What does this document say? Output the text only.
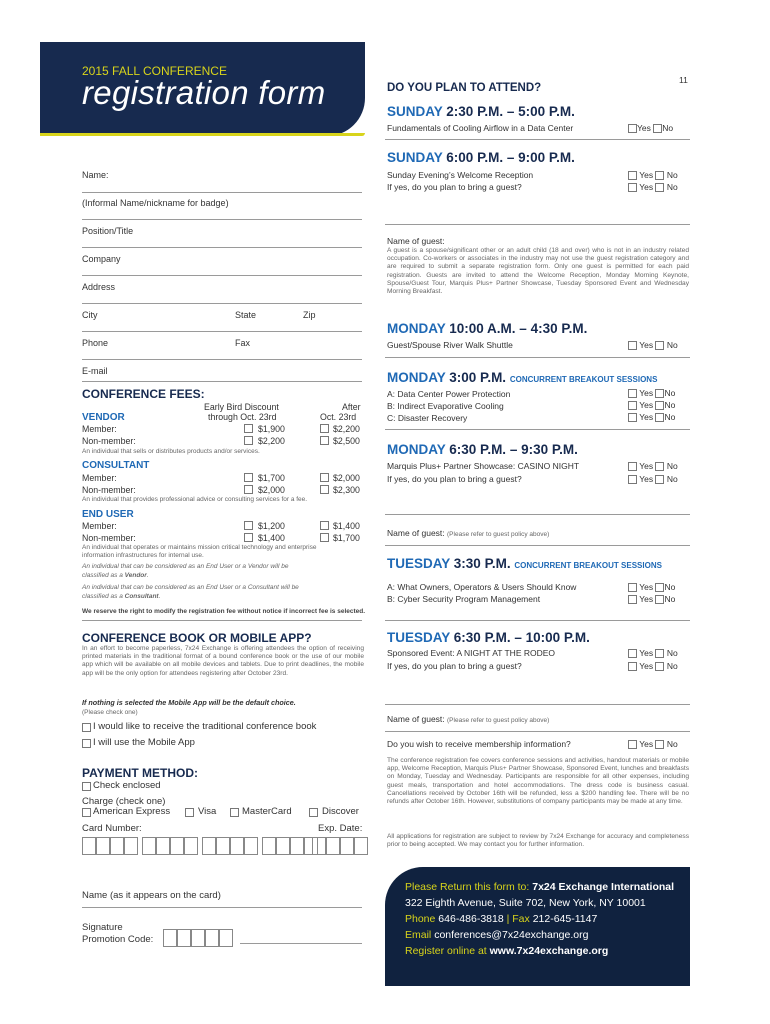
2015 FALL CONFERENCE
registration form
Name:
(Informal Name/nickname for badge)
Position/Title
Company
Address
City	State	Zip
Phone	Fax
E-mail
CONFERENCE FEES:
Early Bird Discount
through Oct. 23rd
After
Oct. 23rd
VENDOR
Member:	$1,900	$2,200
Non-member:	$2,200	$2,500
An individual that sells or distributes products and/or services.
CONSULTANT
Member:	$1,700	$2,000
Non-member:	$2,000	$2,300
An individual that provides professional advice or consulting services for a fee.
END USER
Member:	$1,200	$1,400
Non-member:	$1,400	$1,700
An individual that operates or maintains mission critical technology and enterprise
information infrastructures for internal use.
An individual that can be considered as an End User or a Vendor will be
classified as a Vendor.
An individual that can be considered as an End User or a Consultant will be
classified as a Consultant.
We reserve the right to modify the registration fee without notice if incorrect fee is selected.
CONFERENCE BOOK OR MOBILE APP?
In an effort to become paperless, 7x24 Exchange is offering attendees the option of receiving printed materials in the traditional format of a bound conference book or the use of our mobile app which will be available on all mobile devices and tablets. Due to print deadlines, the mobile app will be the only option for attendees registering after October 23rd.
If nothing is selected the Mobile App will be the default choice.
(Please check one)
I would like to receive the traditional conference book
I will use the Mobile App
PAYMENT METHOD:
Check enclosed
Charge (check one)
American Express	Visa	MasterCard	Discover
Card Number:	Exp. Date:
Name (as it appears on the card)
Signature
Promotion Code:
11
DO YOU PLAN TO ATTEND?
SUNDAY 2:30 P.M. – 5:00 P.M.
Fundamentals of Cooling Airflow in a Data Center	Yes No
SUNDAY 6:00 P.M. – 9:00 P.M.
Sunday Evening’s Welcome Reception	Yes No
If yes, do you plan to bring a guest?	Yes No
Name of guest:
A guest is a spouse/significant other or an adult child (18 and over) who is not in an industry related occupation. Co-workers or associates in the industry may not use the guest registration category and are required to submit a separate registration form. Only one guest is permitted for each paid registration. Guests are invited to attend the Welcome Reception, Monday Morning Keynote, Spouse/Guest Tour, Marquis Plus+ Partner Showcase, Tuesday Sponsored Event and Wednesday Morning Breakfast.
MONDAY 10:00 A.M. – 4:30 P.M.
Guest/Spouse River Walk Shuttle	Yes No
MONDAY 3:00 P.M. CONCURRENT BREAKOUT SESSIONS
A: Data Center Power Protection	Yes No
B: Indirect Evaporative Cooling	Yes No
C: Disaster Recovery	Yes No
MONDAY 6:30 P.M. – 9:30 P.M.
Marquis Plus+ Partner Showcase: CASINO NIGHT	Yes No
If yes, do you plan to bring a guest?	Yes No
Name of guest: (Please refer to guest policy above)
TUESDAY 3:30 P.M. CONCURRENT BREAKOUT SESSIONS
A: What Owners, Operators & Users Should Know	Yes No
B: Cyber Security Program Management	Yes No
TUESDAY 6:30 P.M. – 10:00 P.M.
Sponsored Event: A NIGHT AT THE RODEO	Yes No
If yes, do you plan to bring a guest?	Yes No
Name of guest: (Please refer to guest policy above)
Do you wish to receive membership information?	Yes No
The conference registration fee covers conference sessions and activities, handout materials or mobile app, Welcome Reception, Marquis Plus+ Partner Showcase, Sponsored Event, lunches and breakfasts on Monday, Tuesday and Wednesday. Participants are responsible for all other expenses, including guest meals, transportation and hotel accommodations. The dress code is business casual. Cancellations received by October 16th will be refunded, less a $200 handling fee. There will be no refunds after October 16th. However, substitutions of company participants may be made at any time.
All applications for registration are subject to review by 7x24 Exchange for accuracy and completeness prior to being accepted. We may contact you for further information.
Please Return this form to: 7x24 Exchange International
322 Eighth Avenue, Suite 702, New York, NY 10001
Phone 646-486-3818 | Fax 212-645-1147
Email conferences@7x24exchange.org
Register online at www.7x24exchange.org
